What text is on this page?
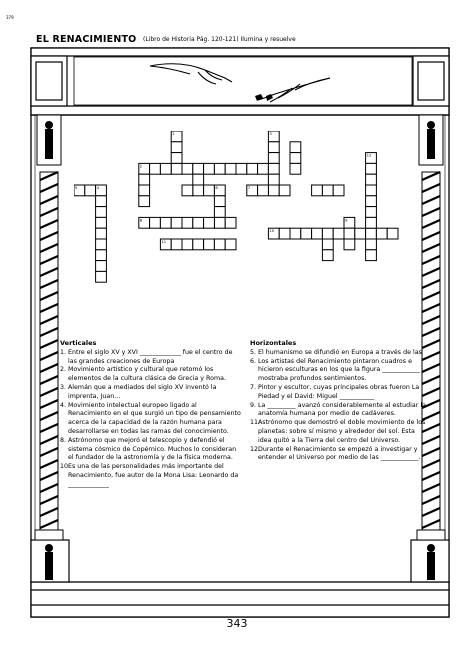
379
EL RENACIMIENTO (Libro de Historia Pág. 120-121) Ilumina y resuelve
1
2
3
4
5	6	7
8	9
10
11
12
Verticales
1. Entre el siglo XV y XVI _____________ fue el centro de las grandes creaciones de Europa
2. Movimiento artístico y cultural que retomó los elementos de la cultura clásica de Grecia y Roma.
3. Alemán que a mediados del siglo XV inventó la imprenta, Juan...
4. Movimiento intelectual europeo ligado al Renacimiento en el que surgió un tipo de pensamiento acerca de la capacidad de la razón humana para desarrollarse en todas las ramas del conocimiento.
8. Astrónomo que mejoró el telescopio y defendió el sistema cósmico de Copérnico. Muchos lo consideran el fundador de la astronomía y de la física moderna.
10.
Es una de las personalidades más importante del Renacimiento, fue autor de la Mona Lisa: Leonardo da _____________
Horizontales
5. El humanismo se difundió en Europa a través de las
6. Los artistas del Renacimiento pintaron cuadros e hicieron esculturas en los que la figura ____________ mostraba profundos sentimientos.
7. Pintor y escultor, cuyas principales obras fueron La Piedad y el David: Miguel ___________
9. La _________ avanzó considerablemente al estudiar la anatomía humana por medio de cadáveres.
11.
Astrónomo que demostró el doble movimiento de los planetas: sobre sí mismo y alrededor del sol. Esta idea quitó a la Tierra del centro del Universo.
12.
Durante el Renacimiento se empezó a investigar y entender el Universo por medio de las ____________.
343
